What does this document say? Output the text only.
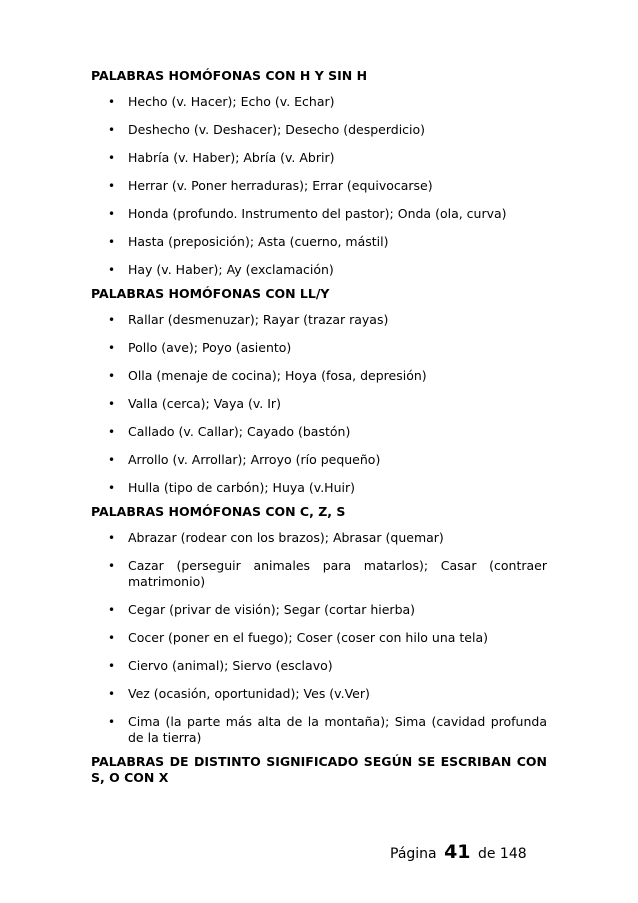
PALABRAS HOMÓFONAS CON H Y SIN H

• Hecho (v. Hacer); Echo (v. Echar)
• Deshecho (v. Deshacer); Desecho (desperdicio)
• Habría (v. Haber); Abría (v. Abrir)
• Herrar (v. Poner herraduras); Errar (equivocarse)
• Honda (profundo. Instrumento del pastor); Onda (ola, curva)
• Hasta (preposición); Asta (cuerno, mástil)
• Hay (v. Haber); Ay (exclamación)

PALABRAS HOMÓFONAS CON LL/Y

• Rallar (desmenuzar); Rayar (trazar rayas)
• Pollo (ave); Poyo (asiento)
• Olla (menaje de cocina); Hoya (fosa, depresión)
• Valla (cerca); Vaya (v. Ir)
• Callado (v. Callar); Cayado (bastón)
• Arrollo (v. Arrollar); Arroyo (río pequeño)
• Hulla (tipo de carbón); Huya (v.Huir)

PALABRAS HOMÓFONAS CON C, Z, S

• Abrazar (rodear con los brazos); Abrasar (quemar)
• Cazar (perseguir animales para matarlos); Casar (contraer matrimonio)
• Cegar (privar de visión); Segar (cortar hierba)
• Cocer (poner en el fuego); Coser (coser con hilo una tela)
• Ciervo (animal); Siervo (esclavo)
• Vez (ocasión, oportunidad); Ves (v.Ver)
• Cima (la parte más alta de la montaña); Sima (cavidad profunda de la tierra)

PALABRAS DE DISTINTO SIGNIFICADO SEGÚN SE ESCRIBAN CON S, O CON X

Página 41 de 148
